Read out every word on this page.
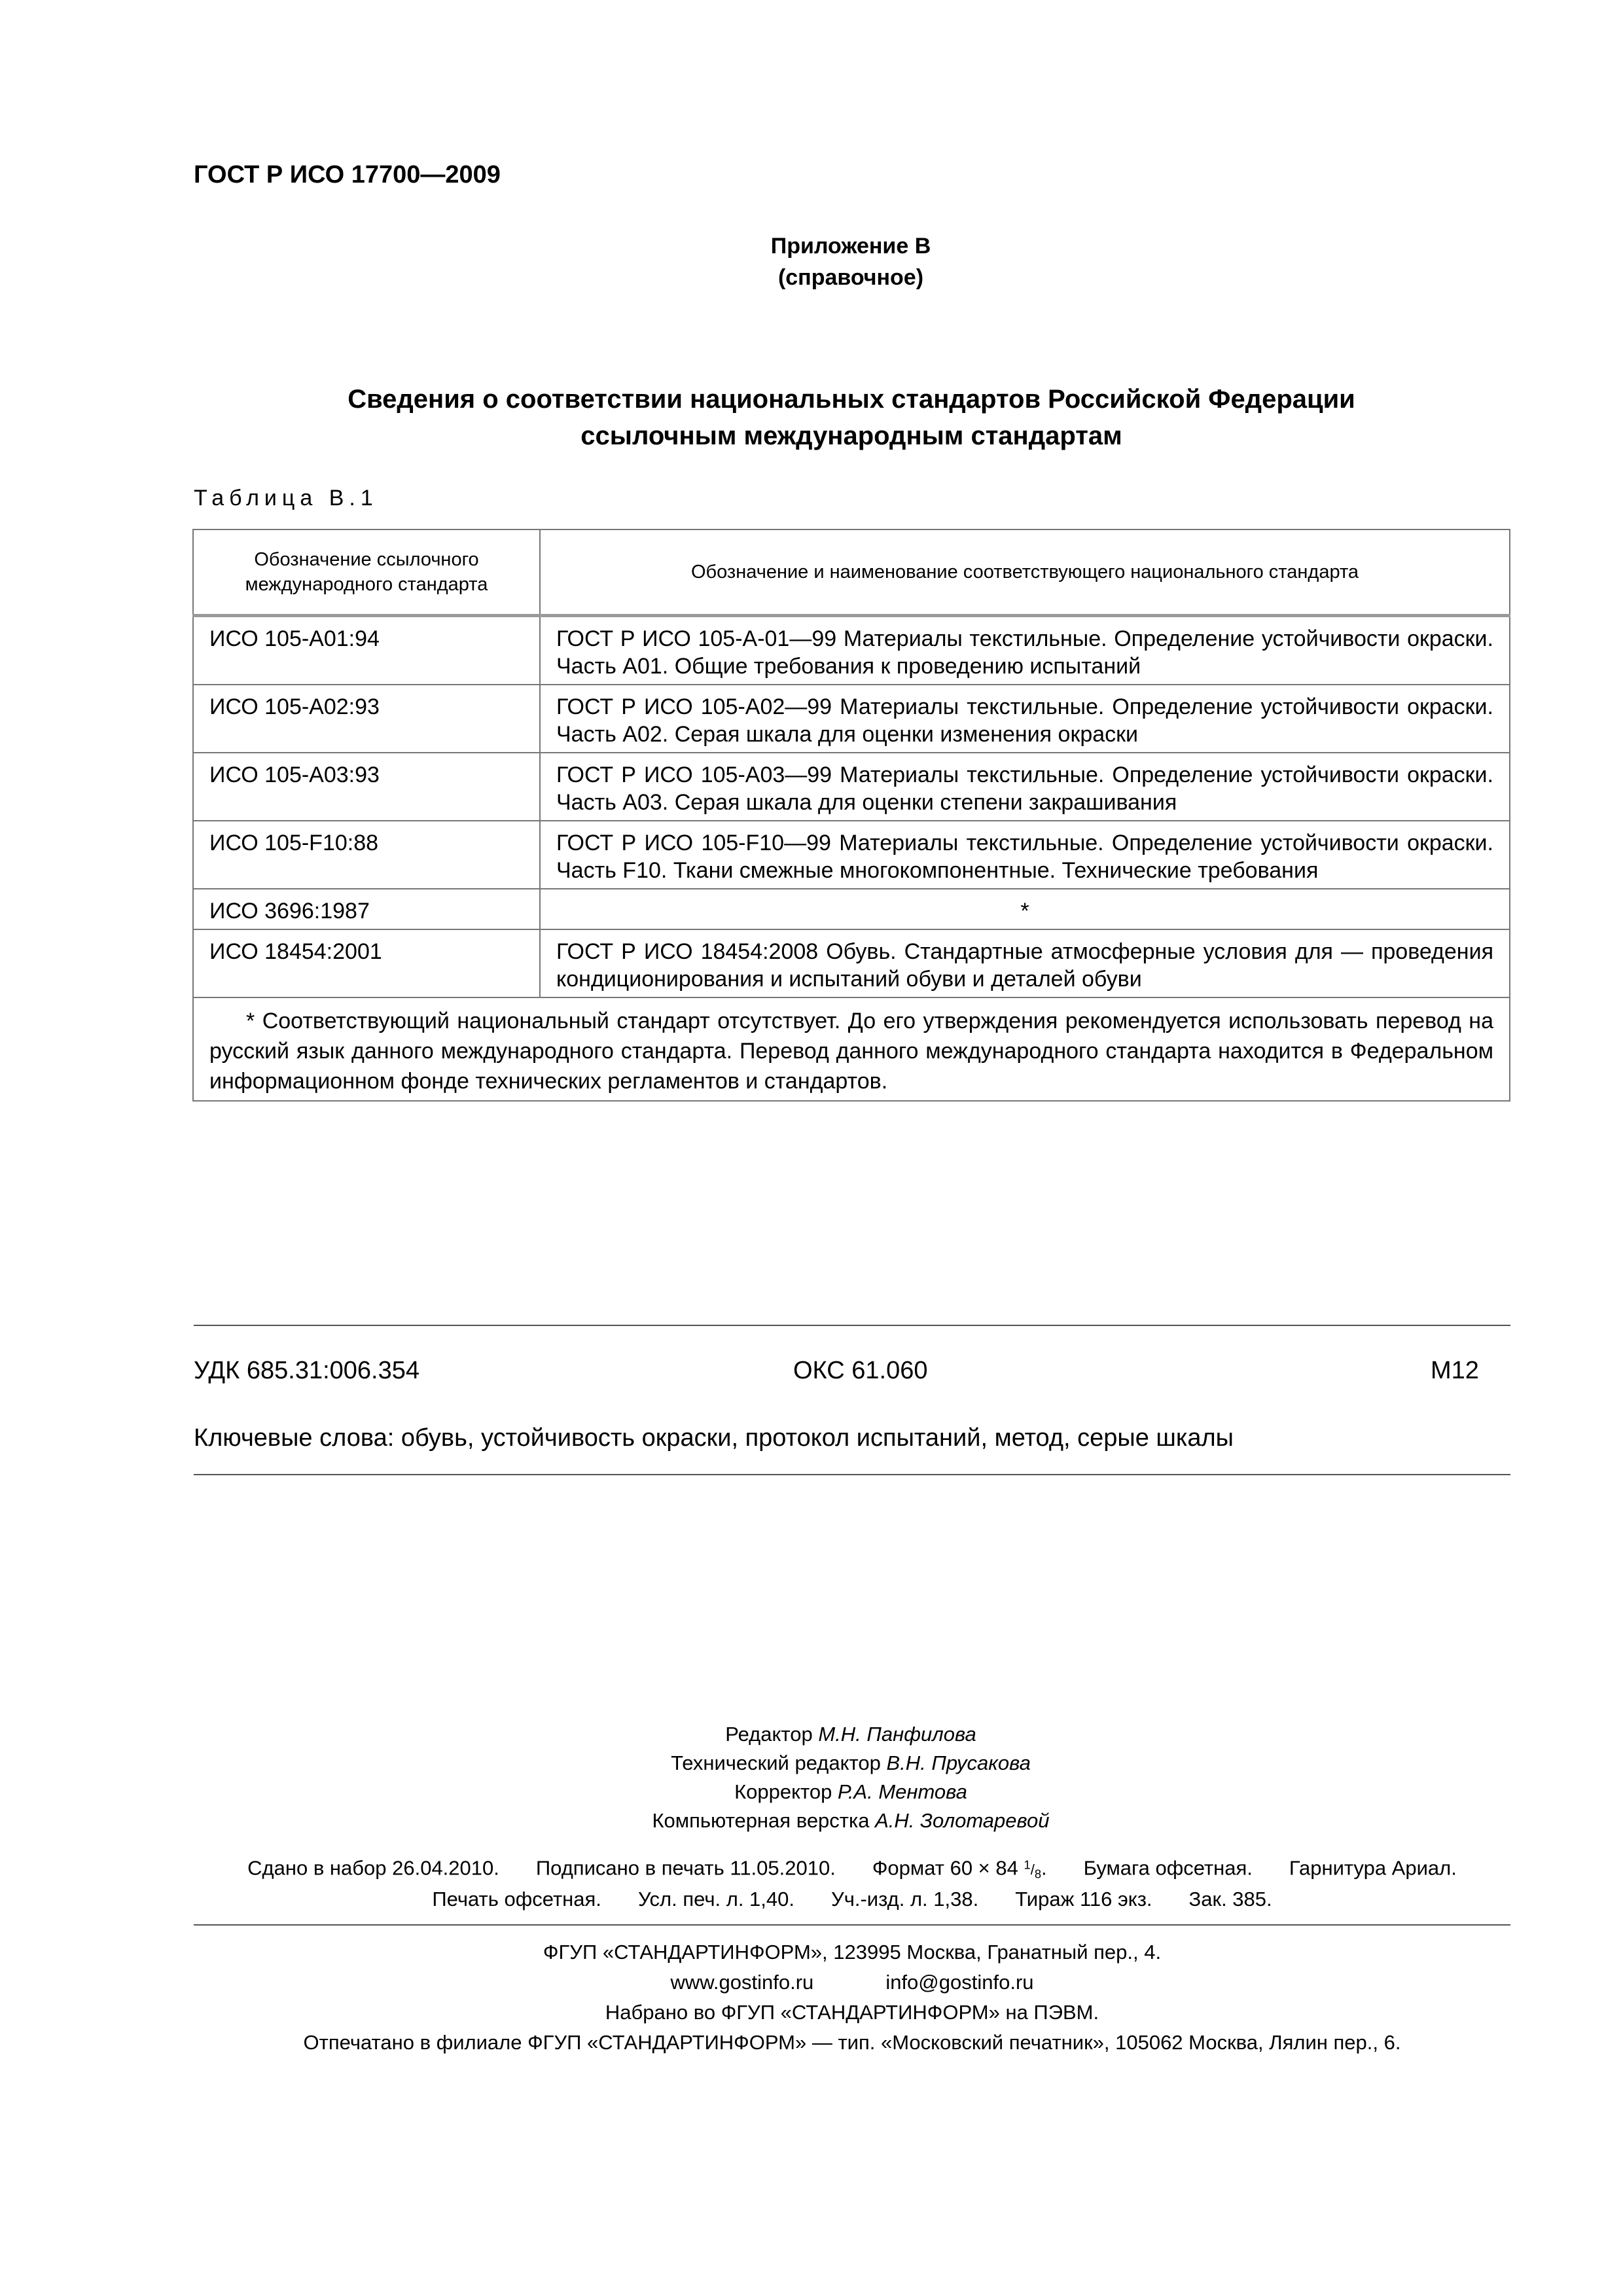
ГОСТ Р ИСО 17700—2009
Приложение В
(справочное)
Сведения о соответствии национальных стандартов Российской Федерации
ссылочным международным стандартам
Таблица В.1
Обозначение ссылочного международного стандарта	Обозначение и наименование соответствующего национального стандарта
ИСО 105-А01:94	ГОСТ Р ИСО 105-А-01—99 Материалы текстильные. Определение устойчивости окраски. Часть А01. Общие требования к проведению испытаний
ИСО 105-А02:93	ГОСТ Р ИСО 105-А02—99 Материалы текстильные. Определение устойчивости окраски. Часть А02. Серая шкала для оценки изменения окраски
ИСО 105-А03:93	ГОСТ Р ИСО 105-А03—99 Материалы текстильные. Определение устойчивости окраски. Часть А03. Серая шкала для оценки степени закрашивания
ИСО 105-F10:88	ГОСТ Р ИСО 105-F10—99 Материалы текстильные. Определение устойчивости окраски. Часть F10. Ткани смежные многокомпонентные. Технические требования
ИСО 3696:1987	*
ИСО 18454:2001	ГОСТ Р ИСО 18454:2008 Обувь. Стандартные атмосферные условия для — проведения кондиционирования и испытаний обуви и деталей обуви
* Соответствующий национальный стандарт отсутствует. До его утверждения рекомендуется использовать перевод на русский язык данного международного стандарта. Перевод данного международного стандарта находится в Федеральном информационном фонде технических регламентов и стандартов.	
УДК 685.31:006.354	ОКС 61.060	М12
Ключевые слова: обувь, устойчивость окраски, протокол испытаний, метод, серые шкалы
Редактор М.Н. Панфилова
Технический редактор В.Н. Прусакова
Корректор Р.А. Ментова
Компьютерная верстка А.Н. Золотаревой
Сдано в набор 26.04.2010. Подписано в печать 11.05.2010. Формат 60 × 84 $^1/_8$. Бумага офсетная. Гарнитура Ариал.
Печать офсетная. Усл. печ. л. 1,40. Уч.-изд. л. 1,38. Тираж 116 экз. Зак. 385.
ФГУП «СТАНДАРТИНФОРМ», 123995 Москва, Гранатный пер., 4.
www.gostinfo.ru	info@gostinfo.ru
Набрано во ФГУП «СТАНДАРТИНФОРМ» на ПЭВМ.
Отпечатано в филиале ФГУП «СТАНДАРТИНФОРМ» — тип. «Московский печатник», 105062 Москва, Лялин пер., 6.
